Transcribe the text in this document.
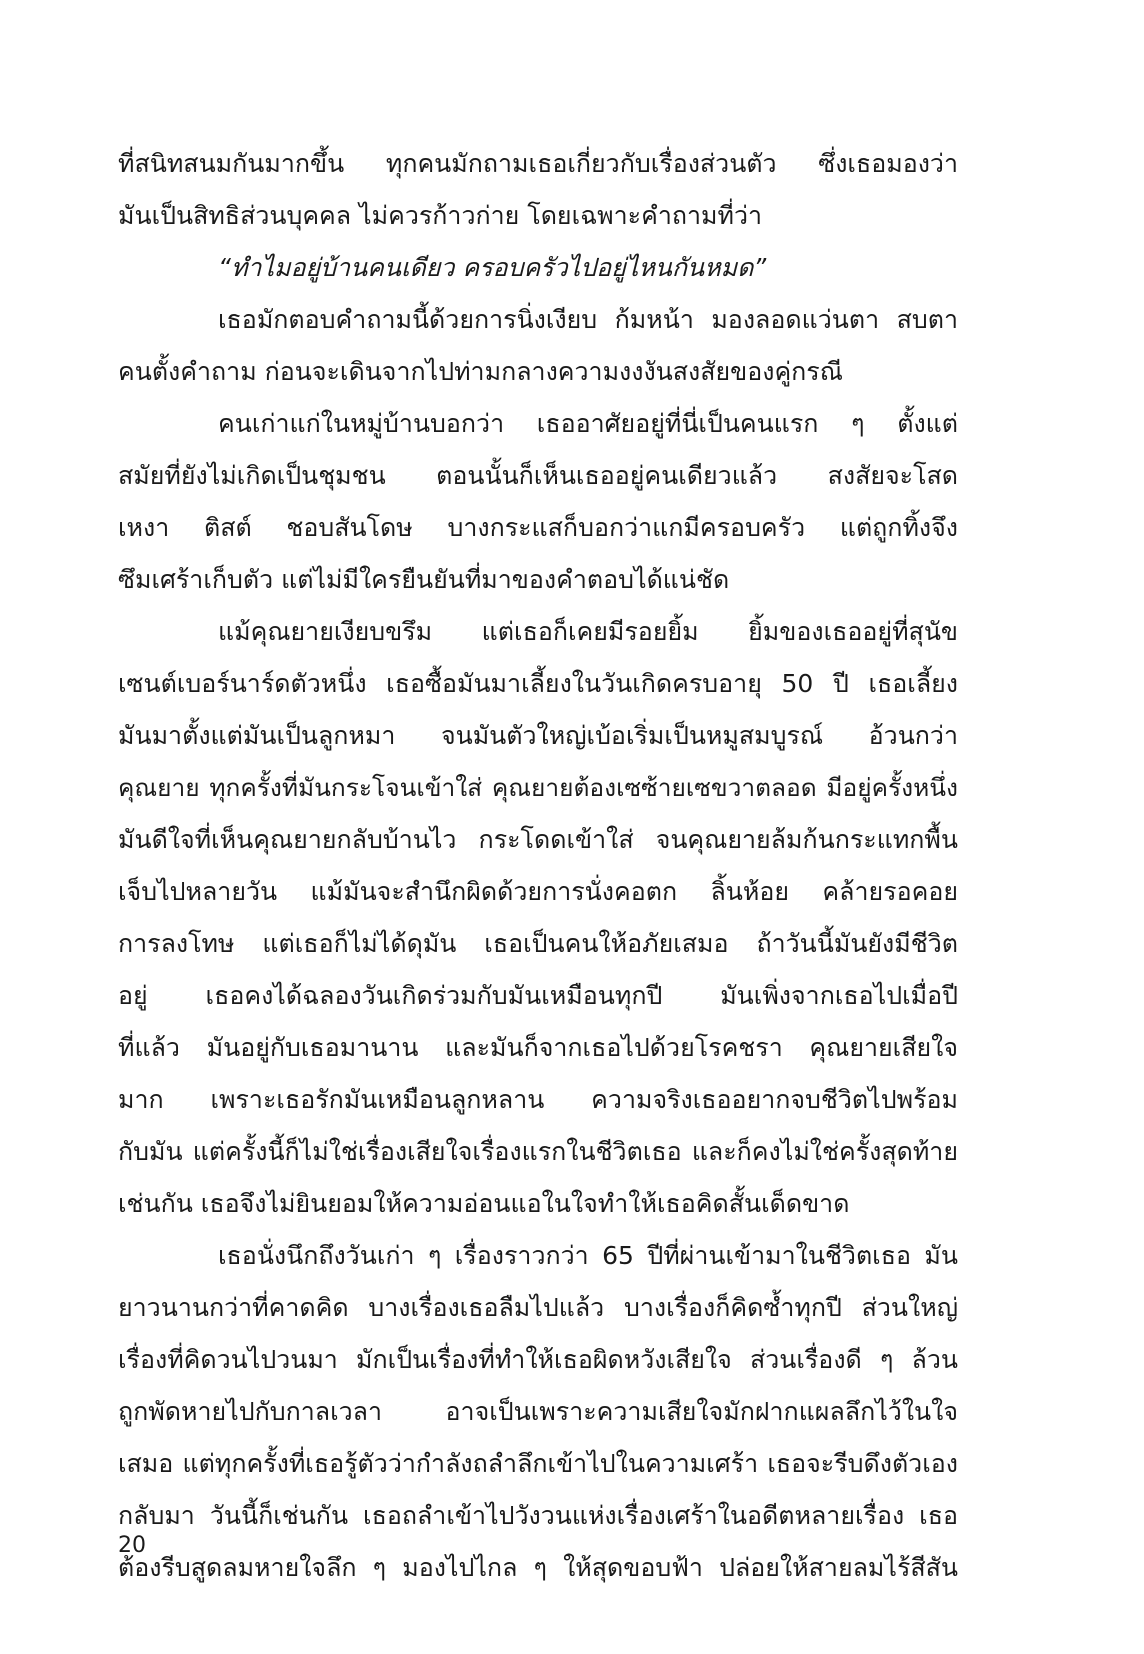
ที่สนิทสนมกันมากขึ้น ทุกคนมักถามเธอเกี่ยวกับเรื่องส่วนตัว ซึ่งเธอมองว่า
มันเป็นสิทธิส่วนบุคคล ไม่ควรก้าวก่าย โดยเฉพาะคำถามที่ว่า
“ทำไมอยู่บ้านคนเดียว ครอบครัวไปอยู่ไหนกันหมด”
เธอมักตอบคำถามนี้ด้วยการนิ่งเงียบ ก้มหน้า มองลอดแว่นตา สบตา
คนตั้งคำถาม ก่อนจะเดินจากไปท่ามกลางความงงงันสงสัยของคู่กรณี
คนเก่าแก่ในหมู่บ้านบอกว่า เธออาศัยอยู่ที่นี่เป็นคนแรก ๆ ตั้งแต่
สมัยที่ยังไม่เกิดเป็นชุมชน ตอนนั้นก็เห็นเธออยู่คนเดียวแล้ว สงสัยจะโสด
เหงา ติสต์ ชอบสันโดษ บางกระแสก็บอกว่าแกมีครอบครัว แต่ถูกทิ้งจึง
ซึมเศร้าเก็บตัว แต่ไม่มีใครยืนยันที่มาของคำตอบได้แน่ชัด
แม้คุณยายเงียบขรึม แต่เธอก็เคยมีรอยยิ้ม ยิ้มของเธออยู่ที่สุนัข
เซนต์เบอร์นาร์ดตัวหนึ่ง เธอซื้อมันมาเลี้ยงในวันเกิดครบอายุ 50 ปี เธอเลี้ยง
มันมาตั้งแต่มันเป็นลูกหมา จนมันตัวใหญ่เบ้อเริ่มเป็นหมูสมบูรณ์ อ้วนกว่า
คุณยาย ทุกครั้งที่มันกระโจนเข้าใส่ คุณยายต้องเซซ้ายเซขวาตลอด มีอยู่ครั้งหนึ่ง
มันดีใจที่เห็นคุณยายกลับบ้านไว กระโดดเข้าใส่ จนคุณยายล้มก้นกระแทกพื้น
เจ็บไปหลายวัน แม้มันจะสำนึกผิดด้วยการนั่งคอตก ลิ้นห้อย คล้ายรอคอย
การลงโทษ แต่เธอก็ไม่ได้ดุมัน เธอเป็นคนให้อภัยเสมอ ถ้าวันนี้มันยังมีชีวิต
อยู่ เธอคงได้ฉลองวันเกิดร่วมกับมันเหมือนทุกปี มันเพิ่งจากเธอไปเมื่อปี
ที่แล้ว มันอยู่กับเธอมานาน และมันก็จากเธอไปด้วยโรคชรา คุณยายเสียใจ
มาก เพราะเธอรักมันเหมือนลูกหลาน ความจริงเธออยากจบชีวิตไปพร้อม
กับมัน แต่ครั้งนี้ก็ไม่ใช่เรื่องเสียใจเรื่องแรกในชีวิตเธอ และก็คงไม่ใช่ครั้งสุดท้าย
เช่นกัน เธอจึงไม่ยินยอมให้ความอ่อนแอในใจทำให้เธอคิดสั้นเด็ดขาด
เธอนั่งนึกถึงวันเก่า ๆ เรื่องราวกว่า 65 ปีที่ผ่านเข้ามาในชีวิตเธอ มัน
ยาวนานกว่าที่คาดคิด บางเรื่องเธอลืมไปแล้ว บางเรื่องก็คิดซ้ำทุกปี ส่วนใหญ่
เรื่องที่คิดวนไปวนมา มักเป็นเรื่องที่ทำให้เธอผิดหวังเสียใจ ส่วนเรื่องดี ๆ ล้วน
ถูกพัดหายไปกับกาลเวลา อาจเป็นเพราะความเสียใจมักฝากแผลลึกไว้ในใจ
เสมอ แต่ทุกครั้งที่เธอรู้ตัวว่ากำลังถลำลึกเข้าไปในความเศร้า เธอจะรีบดึงตัวเอง
กลับมา วันนี้ก็เช่นกัน เธอถลำเข้าไปวังวนแห่งเรื่องเศร้าในอดีตหลายเรื่อง เธอ
ต้องรีบสูดลมหายใจลึก ๆ มองไปไกล ๆ ให้สุดขอบฟ้า ปล่อยให้สายลมไร้สีสัน
20
